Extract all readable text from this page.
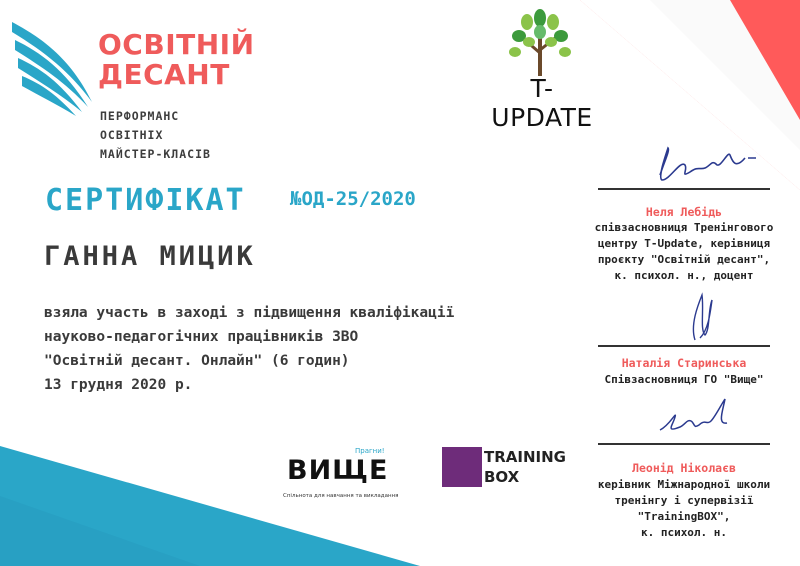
ОСВІТНІЙ
ДЕСАНТ
ПЕРФОРМАНС
ОСВІТНІХ
МАЙСТЕР-КЛАСІВ
T-UPDATE
СЕРТИФІКАТ №ОД-25/2020
ГАННА МИЦИК
взяла участь в заході з підвищення кваліфікації
науково-педагогічних працівників ЗВО
"Освітній десант. Онлайн" (6 годин)
13 грудня 2020 р.
Неля Лебідь
співзасновниця Тренінгового
центру T-Update, керівниця
проєкту "Освітній десант",
к. психол. н., доцент
Наталія Старинська
Співзасновниця ГО "Вище"
Леонід Ніколаєв
керівник Міжнародної школи
тренінгу і супервізії
"TrainingBOX",
к. психол. н.
Прагни!
ВИЩЕ
Спільнота для навчання та викладання
TRAINING
BOX
